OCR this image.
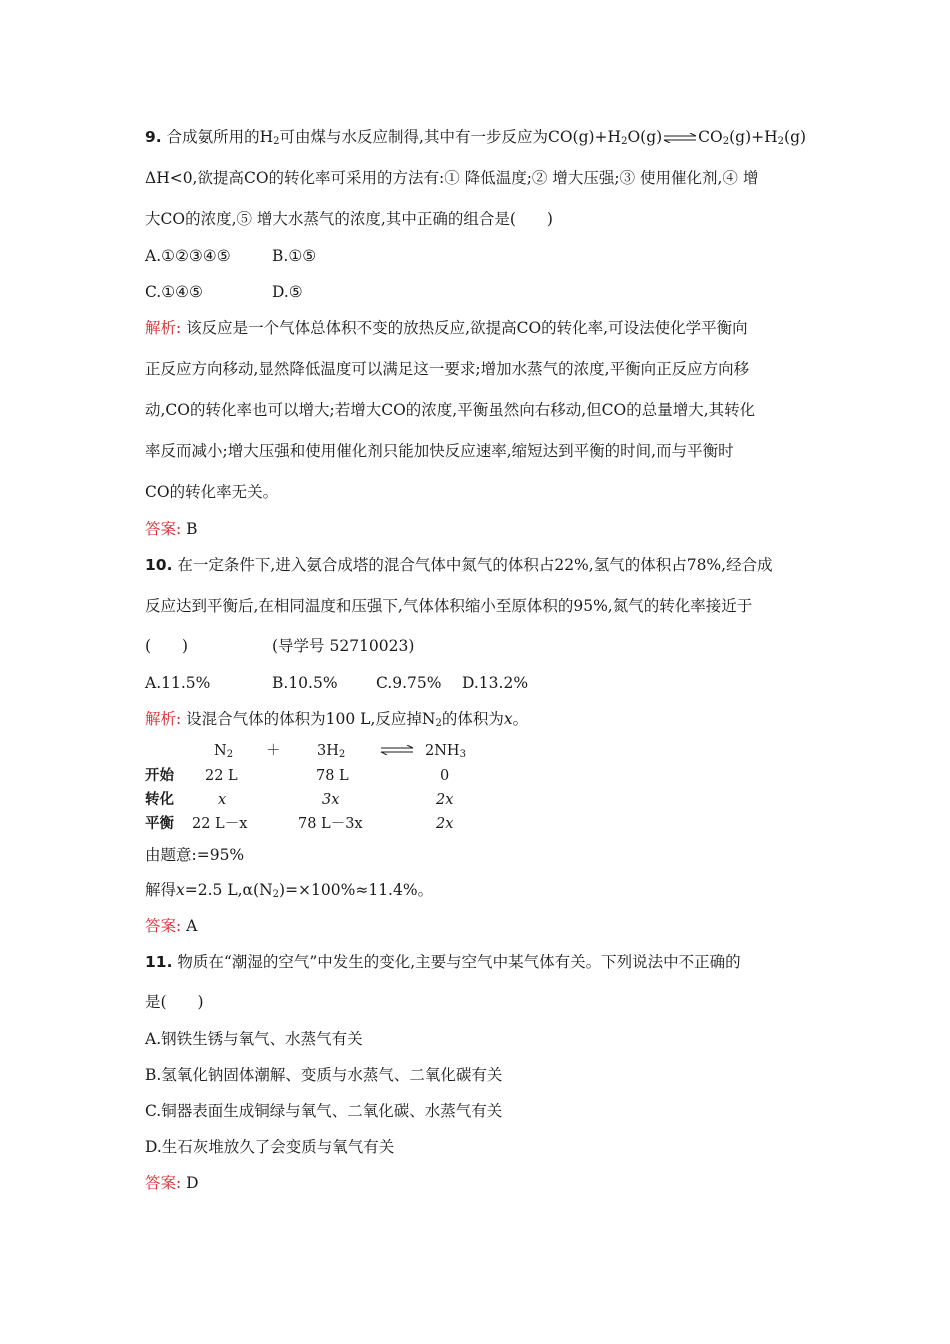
9. 合成氨所用的$H_2$可由煤与水反应制得,其中有一步反应为$CO(g)+H_2O(g)\rightleftharpoons CO_2(g)+H_2(g)$
ΔH<0,欲提高CO的转化率可采用的方法有:① 降低温度;② 增大压强;③ 使用催化剂,④ 增
大CO的浓度,⑤ 增大水蒸气的浓度,其中正确的组合是(　　)
A.①②③④⑤	B.①⑤
C.①④⑤	D.⑤
解析: 该反应是一个气体总体积不变的放热反应,欲提高CO的转化率,可设法使化学平衡向
正反应方向移动,显然降低温度可以满足这一要求;增加水蒸气的浓度,平衡向正反应方向移
动,CO的转化率也可以增大;若增大CO的浓度,平衡虽然向右移动,但CO的总量增大,其转化
率反而减小;增大压强和使用催化剂只能加快反应速率,缩短达到平衡的时间,而与平衡时
CO的转化率无关。
答案: B
10. 在一定条件下,进入氨合成塔的混合气体中氮气的体积占22%,氢气的体积占78%,经合成
反应达到平衡后,在相同温度和压强下,气体体积缩小至原体积的95%,氮气的转化率接近于
(　　)	(导学号 52710023)
A.11.5%	B.10.5% C.9.75% D.13.2%
解析: 设混合气体的体积为100 L,反应掉$N_2$的体积为x。
$N_2$ ＋	$3H_2$ ⇌ $2NH_3$
开始 22 L	78 L	0
转化	x	3x	2x
平衡 22 L－x	78 L－3x	2x
由题意:=95%
解得x=2.5 $L,\alpha(N_2)=\times 100\%\approx 11.4\%$。
答案: A
11. 物质在“潮湿的空气”中发生的变化,主要与空气中某气体有关。下列说法中不正确的
是(　　)
A.钢铁生锈与氧气、水蒸气有关
B.氢氧化钠固体潮解、变质与水蒸气、二氧化碳有关
C.铜器表面生成铜绿与氧气、二氧化碳、水蒸气有关
D.生石灰堆放久了会变质与氧气有关
答案: D
